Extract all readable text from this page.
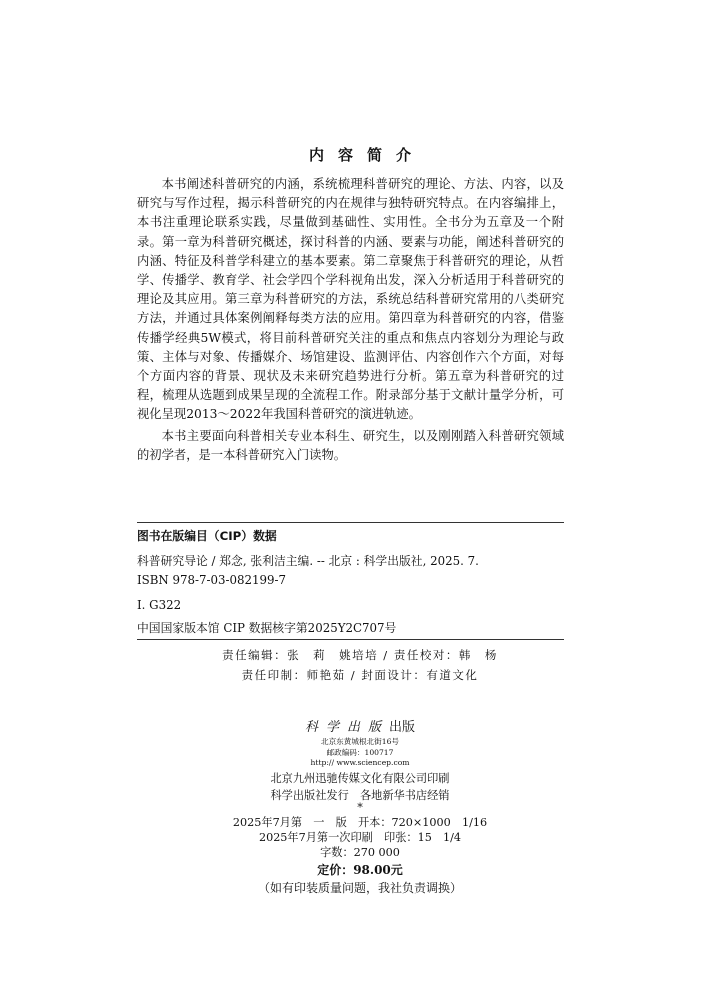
内容简介

本书阐述科普研究的内涵，系统梳理科普研究的理论、方法、内容，以及研究与写作过程，揭示科普研究的内在规律与独特研究特点。在内容编排上，本书注重理论联系实践，尽量做到基础性、实用性。全书分为五章及一个附录。第一章为科普研究概述，探讨科普的内涵、要素与功能，阐述科普研究的内涵、特征及科普学科建立的基本要素。第二章聚焦于科普研究的理论，从哲学、传播学、教育学、社会学四个学科视角出发，深入分析适用于科普研究的理论及其应用。第三章为科普研究的方法，系统总结科普研究常用的八类研究方法，并通过具体案例阐释每类方法的应用。第四章为科普研究的内容，借鉴传播学经典5W模式，将目前科普研究关注的重点和焦点内容划分为理论与政策、主体与对象、传播媒介、场馆建设、监测评估、内容创作六个方面，对每个方面内容的背景、现状及未来研究趋势进行分析。第五章为科普研究的过程，梳理从选题到成果呈现的全流程工作。附录部分基于文献计量学分析，可视化呈现2013～2022年我国科普研究的演进轨迹。

本书主要面向科普相关专业本科生、研究生，以及刚刚踏入科普研究领域的初学者，是一本科普研究入门读物。

图书在版编目（CIP）数据
科普研究导论 / 郑念, 张利洁主编. -- 北京 : 科学出版社, 2025. 7.
ISBN 978-7-03-082199-7
Ⅰ. G322
中国国家版本馆 CIP 数据核字第2025Y2C707号
责任编辑：张　莉　姚培培 / 责任校对：韩　杨
责任印制：师艳茹 / 封面设计：有道文化
科学出版出版
北京东黄城根北街16号
邮政编码：100717
http:// www.sciencep.com
北京九州迅驰传媒文化有限公司印刷
科学出版社发行　各地新华书店经销
*
2025年7月第　一　版　开本：720×1000　1/16
2025年7月第一次印刷　印张：15　1/4
字数：270 000
定价：98.00元
（如有印装质量问题，我社负责调换）
